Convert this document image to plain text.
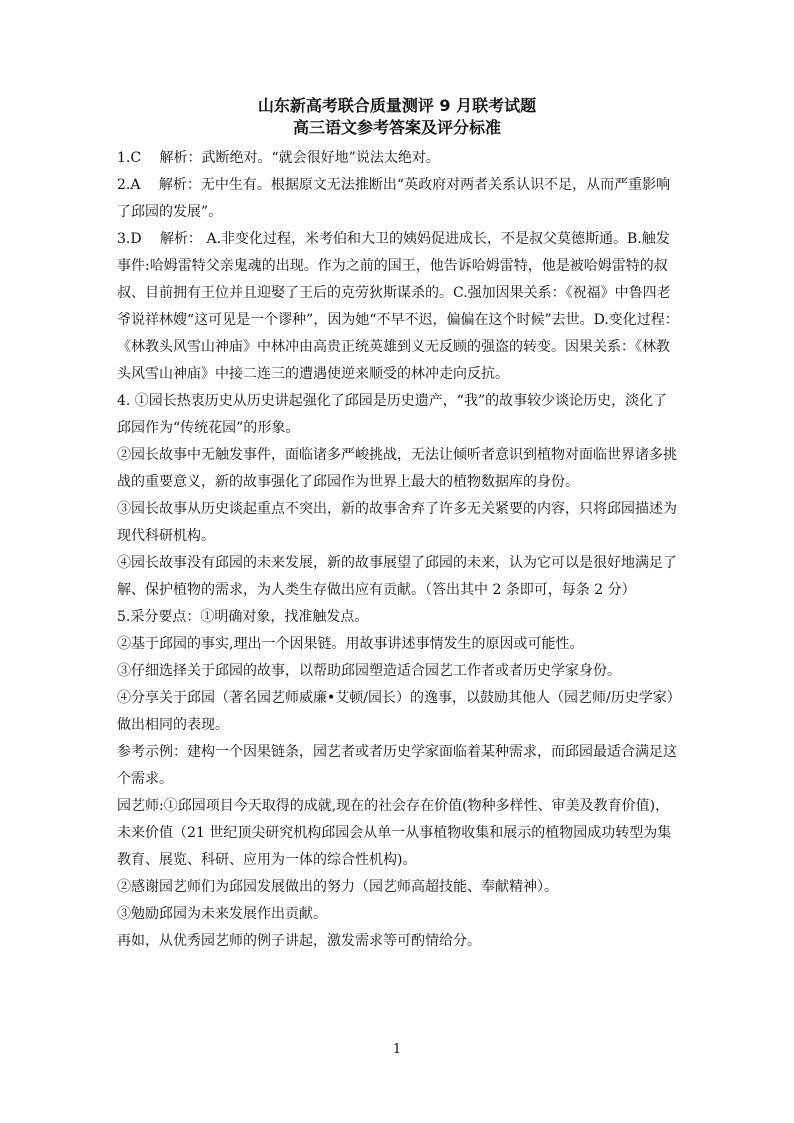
山东新高考联合质量测评 9 月联考试题
高三语文参考答案及评分标准

1.C　 解析：武断绝对。“就会很好地”说法太绝对。

2.A　 解析：无中生有。根据原文无法推断出“英政府对两者关系认识不足，从而严重影响了邱园的发展”。

3.D　 解析： A.非变化过程，米考伯和大卫的姨妈促进成长，不是叔父莫德斯通。B.触发事件:哈姆雷特父亲鬼魂的出现。作为之前的国王，他告诉哈姆雷特，他是被哈姆雷特的叔叔、目前拥有王位并且迎娶了王后的克劳狄斯谋杀的。C.强加因果关系：《祝福》中鲁四老爷说祥林嫂“这可见是一个谬种”，因为她“不早不迟，偏偏在这个时候”去世。D.变化过程：《林教头风雪山神庙》中林冲由高贵正统英雄到义无反顾的强盗的转变。因果关系：《林教头风雪山神庙》中接二连三的遭遇使逆来顺受的林冲走向反抗。

4. ①园长热衷历史从历史讲起强化了邱园是历史遗产，“我”的故事较少谈论历史，淡化了邱园作为“传统花园”的形象。

②园长故事中无触发事件，面临诸多严峻挑战，无法让倾听者意识到植物对面临世界诸多挑战的重要意义，新的故事强化了邱园作为世界上最大的植物数据库的身份。

③园长故事从历史谈起重点不突出，新的故事舍弃了许多无关紧要的内容，只将邱园描述为现代科研机构。

④园长故事没有邱园的未来发展，新的故事展望了邱园的未来，认为它可以是很好地满足了解、保护植物的需求，为人类生存做出应有贡献。（答出其中 2 条即可，每条 2 分）

5.采分要点：①明确对象，找准触发点。

②基于邱园的事实,理出一个因果链。用故事讲述事情发生的原因或可能性。

③仔细选择关于邱园的故事，以帮助邱园塑造适合园艺工作者或者历史学家身份。

④分享关于邱园（著名园艺师威廉•艾顿/园长）的逸事，以鼓励其他人（园艺师/历史学家）做出相同的表现。

参考示例：建构一个因果链条，园艺者或者历史学家面临着某种需求，而邱园最适合满足这个需求。

园艺师:①邱园项目今天取得的成就,现在的社会存在价值(物种多样性、审美及教育价值)，未来价值（21 世纪顶尖研究机构邱园会从单一从事植物收集和展示的植物园成功转型为集教育、展览、科研、应用为一体的综合性机构)。

②感谢园艺师们为邱园发展做出的努力（园艺师高超技能、奉献精神）。

③勉励邱园为未来发展作出贡献。

再如，从优秀园艺师的例子讲起，激发需求等可酌情给分。

1
